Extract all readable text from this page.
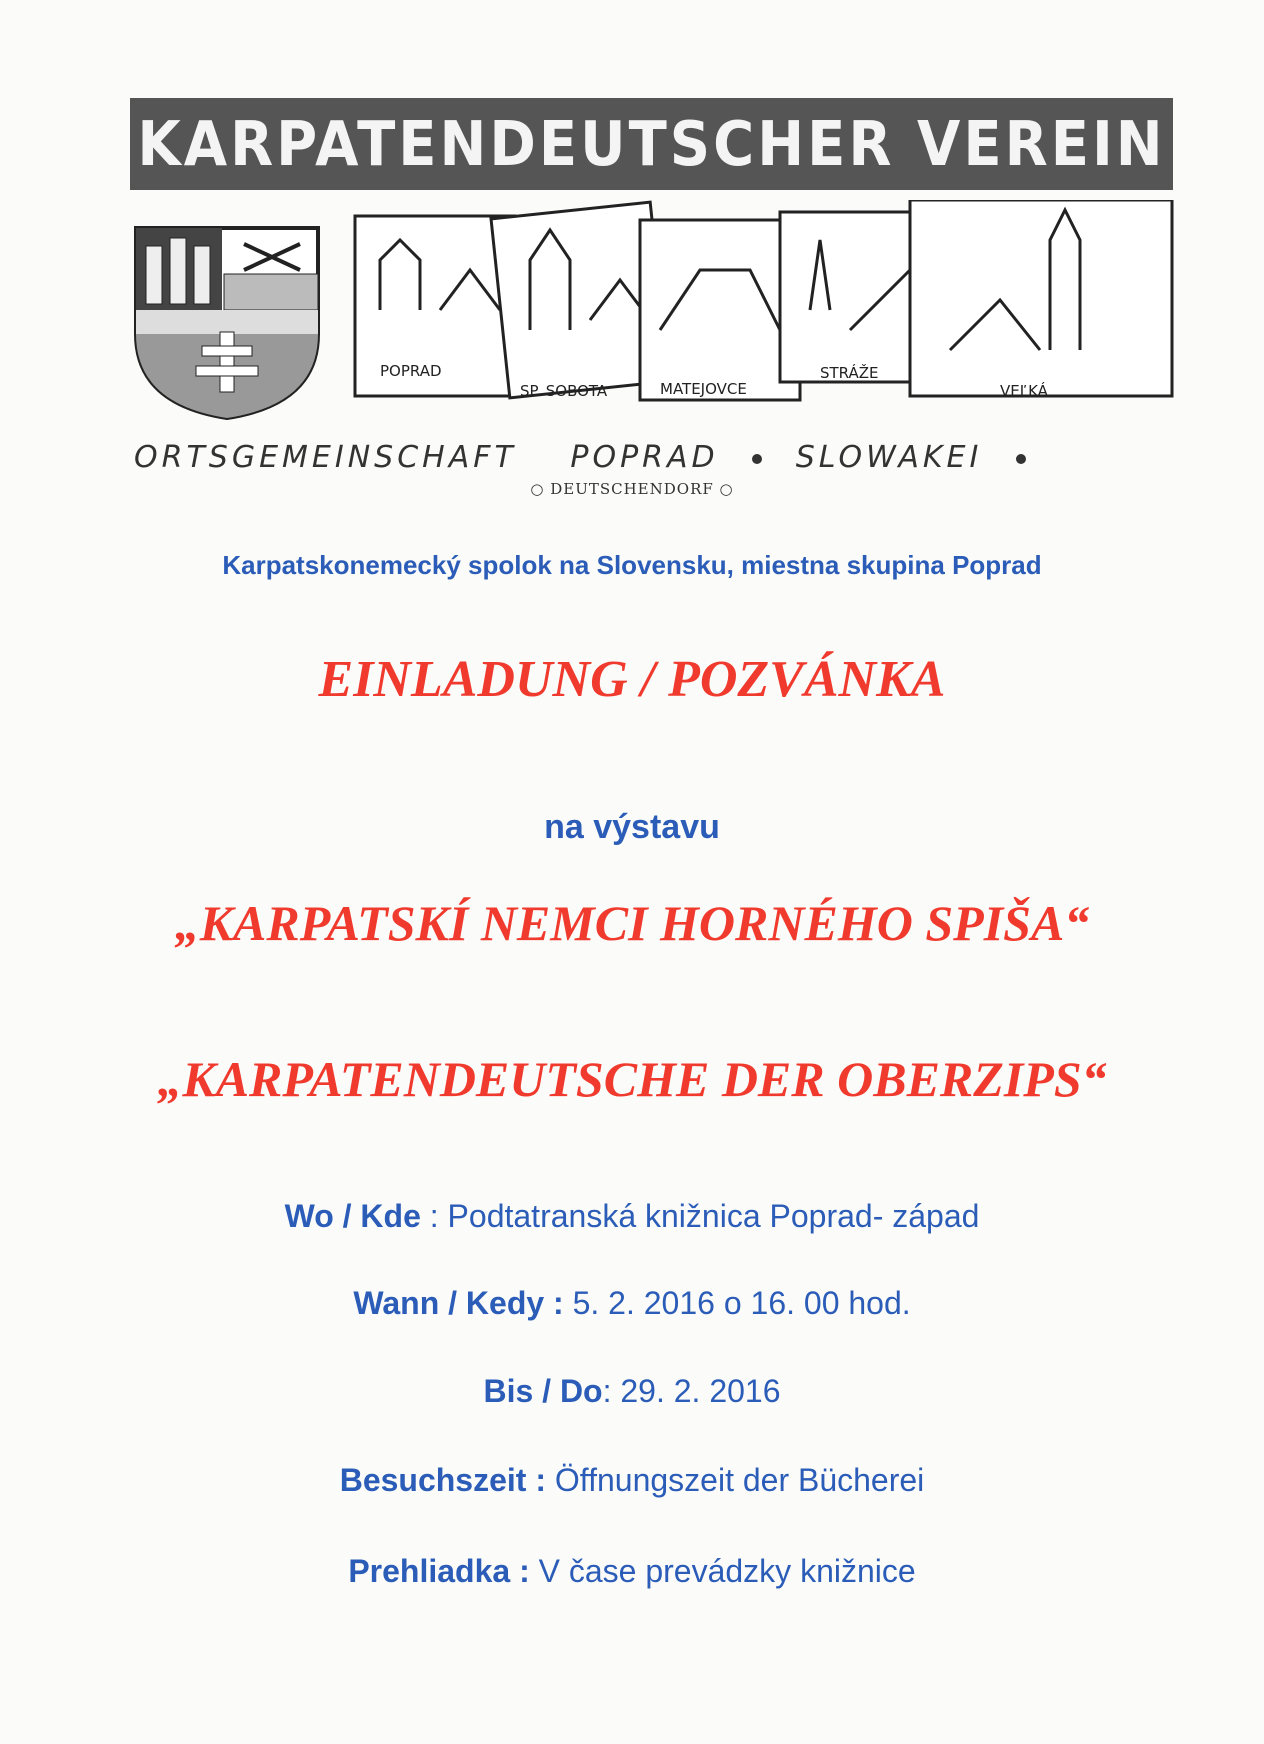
KARPATENDEUTSCHER VEREIN
POPRAD
SP. SOBOTA	MATEJOVCE
STRÁŽE
VEĽKÁ
ORTSGEMEINSCHAFT POPRAD	SLOWAKEI
○ DEUTSCHENDORF ○
Karpatskonemecký spolok na Slovensku, miestna skupina Poprad
EINLADUNG / POZVÁNKA
na výstavu
„KARPATSKÍ NEMCI HORNÉHO SPIŠA“
„KARPATENDEUTSCHE DER OBERZIPS“
Wo / Kde : Podtatranská knižnica Poprad- západ
Wann / Kedy : 5. 2. 2016 o 16. 00 hod.
Bis / Do: 29. 2. 2016
Besuchszeit : Öffnungszeit der Bücherei
Prehliadka : V čase prevádzky knižnice
